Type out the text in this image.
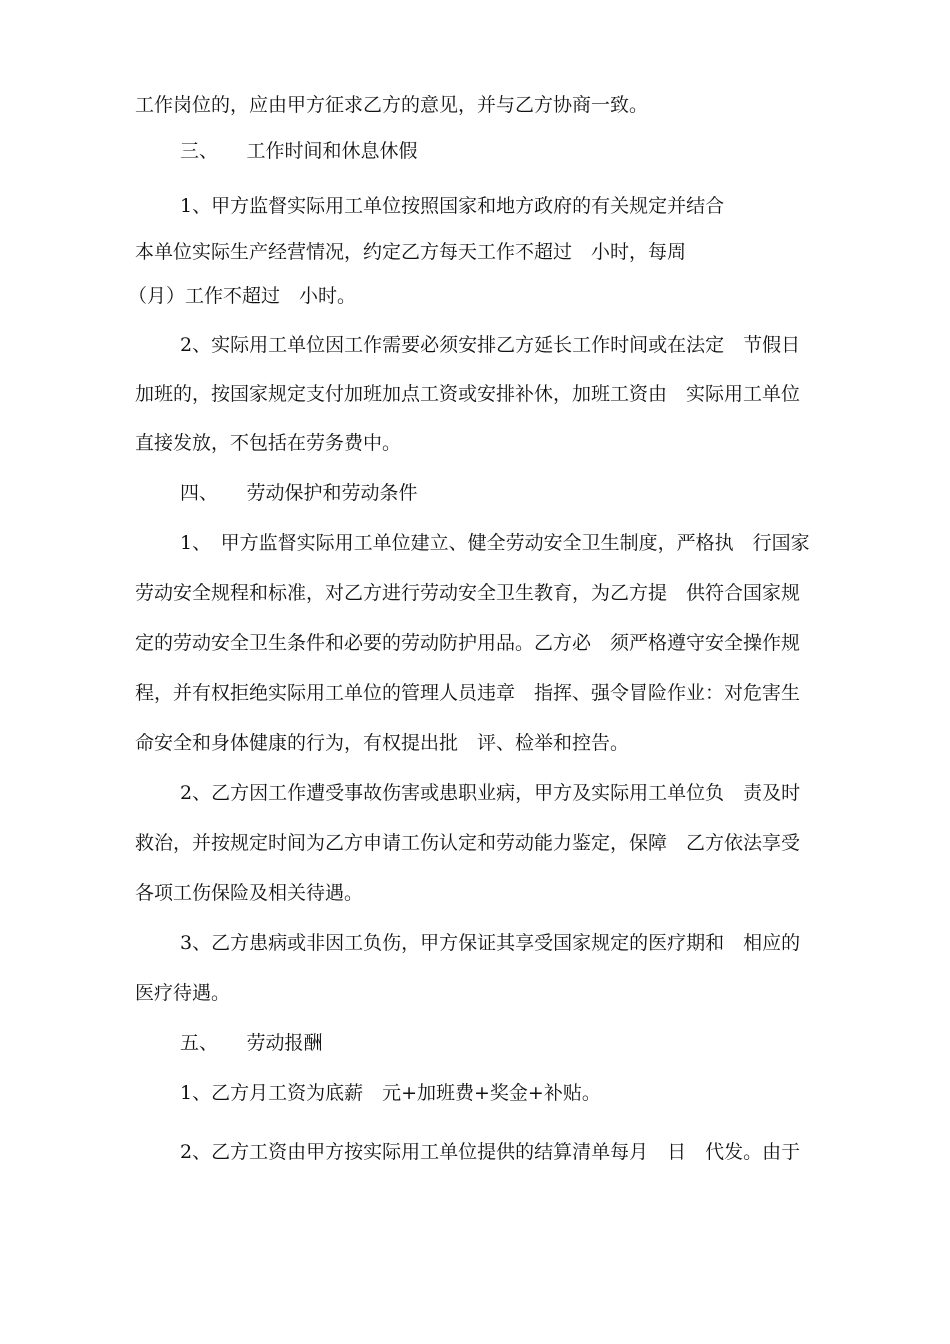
工作岗位的，应由甲方征求乙方的意见，并与乙方协商一致。
三、　　工作时间和休息休假
1、甲方监督实际用工单位按照国家和地方政府的有关规定并结合
本单位实际生产经营情况，约定乙方每天工作不超过　小时，每周
（月）工作不超过　小时。
2、实际用工单位因工作需要必须安排乙方延长工作时间或在法定　节假日
加班的，按国家规定支付加班加点工资或安排补休，加班工资由　实际用工单位
直接发放，不包括在劳务费中。
四、　　劳动保护和劳动条件
1、　甲方监督实际用工单位建立、健全劳动安全卫生制度，严格执　行国家
劳动安全规程和标准，对乙方进行劳动安全卫生教育，为乙方提　供符合国家规
定的劳动安全卫生条件和必要的劳动防护用品。乙方必　须严格遵守安全操作规
程，并有权拒绝实际用工单位的管理人员违章　指挥、强令冒险作业：对危害生
命安全和身体健康的行为，有权提出批　评、检举和控告。
2、乙方因工作遭受事故伤害或患职业病，甲方及实际用工单位负　责及时
救治，并按规定时间为乙方申请工伤认定和劳动能力鉴定，保障　乙方依法享受
各项工伤保险及相关待遇。
3、乙方患病或非因工负伤，甲方保证其享受国家规定的医疗期和　相应的
医疗待遇。
五、　　劳动报酬
1、乙方月工资为底薪　元+加班费+奖金+补贴。
2、乙方工资由甲方按实际用工单位提供的结算清单每月　日　代发。由于
